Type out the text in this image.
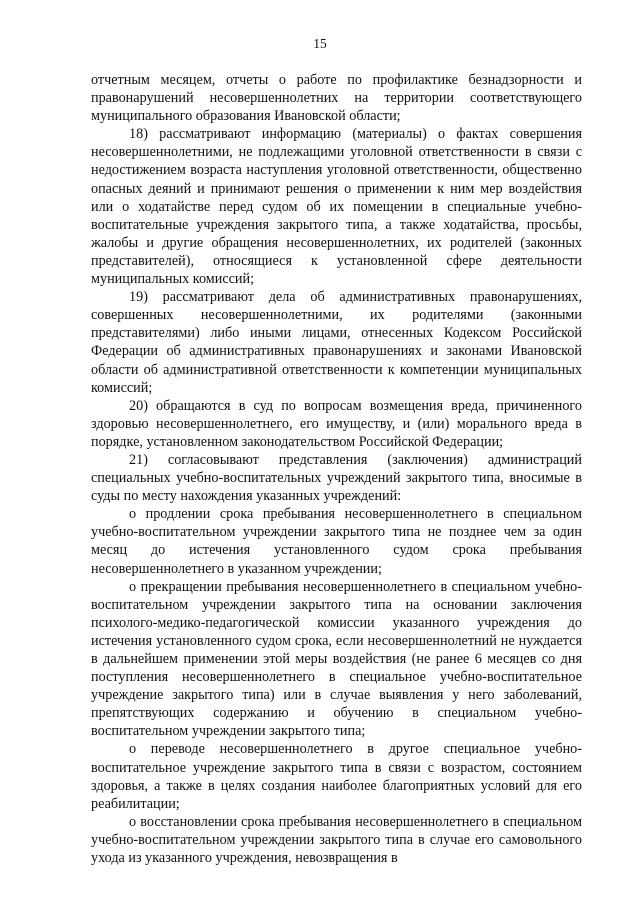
15

отчетным месяцем, отчеты о работе по профилактике безнадзорности и правонарушений несовершеннолетних на территории соответствующего муниципального образования Ивановской области;

18) рассматривают информацию (материалы) о фактах совершения несовершеннолетними, не подлежащими уголовной ответственности в связи с недостижением возраста наступления уголовной ответственности, общественно опасных деяний и принимают решения о применении к ним мер воздействия или о ходатайстве перед судом об их помещении в специальные учебно-воспитательные учреждения закрытого типа, а также ходатайства, просьбы, жалобы и другие обращения несовершеннолетних, их родителей (законных представителей), относящиеся к установленной сфере деятельности муниципальных комиссий;

19) рассматривают дела об административных правонарушениях, совершенных несовершеннолетними, их родителями (законными представителями) либо иными лицами, отнесенных Кодексом Российской Федерации об административных правонарушениях и законами Ивановской области об административной ответственности к компетенции муниципальных комиссий;

20) обращаются в суд по вопросам возмещения вреда, причиненного здоровью несовершеннолетнего, его имуществу, и (или) морального вреда в порядке, установленном законодательством Российской Федерации;

21) согласовывают представления (заключения) администраций специальных учебно-воспитательных учреждений закрытого типа, вносимые в суды по месту нахождения указанных учреждений:

о продлении срока пребывания несовершеннолетнего в специальном учебно-воспитательном учреждении закрытого типа не позднее чем за один месяц до истечения установленного судом срока пребывания несовершеннолетнего в указанном учреждении;

о прекращении пребывания несовершеннолетнего в специальном учебно-воспитательном учреждении закрытого типа на основании заключения психолого-медико-педагогической комиссии указанного учреждения до истечения установленного судом срока, если несовершеннолетний не нуждается в дальнейшем применении этой меры воздействия (не ранее 6 месяцев со дня поступления несовершеннолетнего в специальное учебно-воспитательное учреждение закрытого типа) или в случае выявления у него заболеваний, препятствующих содержанию и обучению в специальном учебно-воспитательном учреждении закрытого типа;

о переводе несовершеннолетнего в другое специальное учебно-воспитательное учреждение закрытого типа в связи с возрастом, состоянием здоровья, а также в целях создания наиболее благоприятных условий для его реабилитации;

о восстановлении срока пребывания несовершеннолетнего в специальном учебно-воспитательном учреждении закрытого типа в случае его самовольного ухода из указанного учреждения, невозвращения в
